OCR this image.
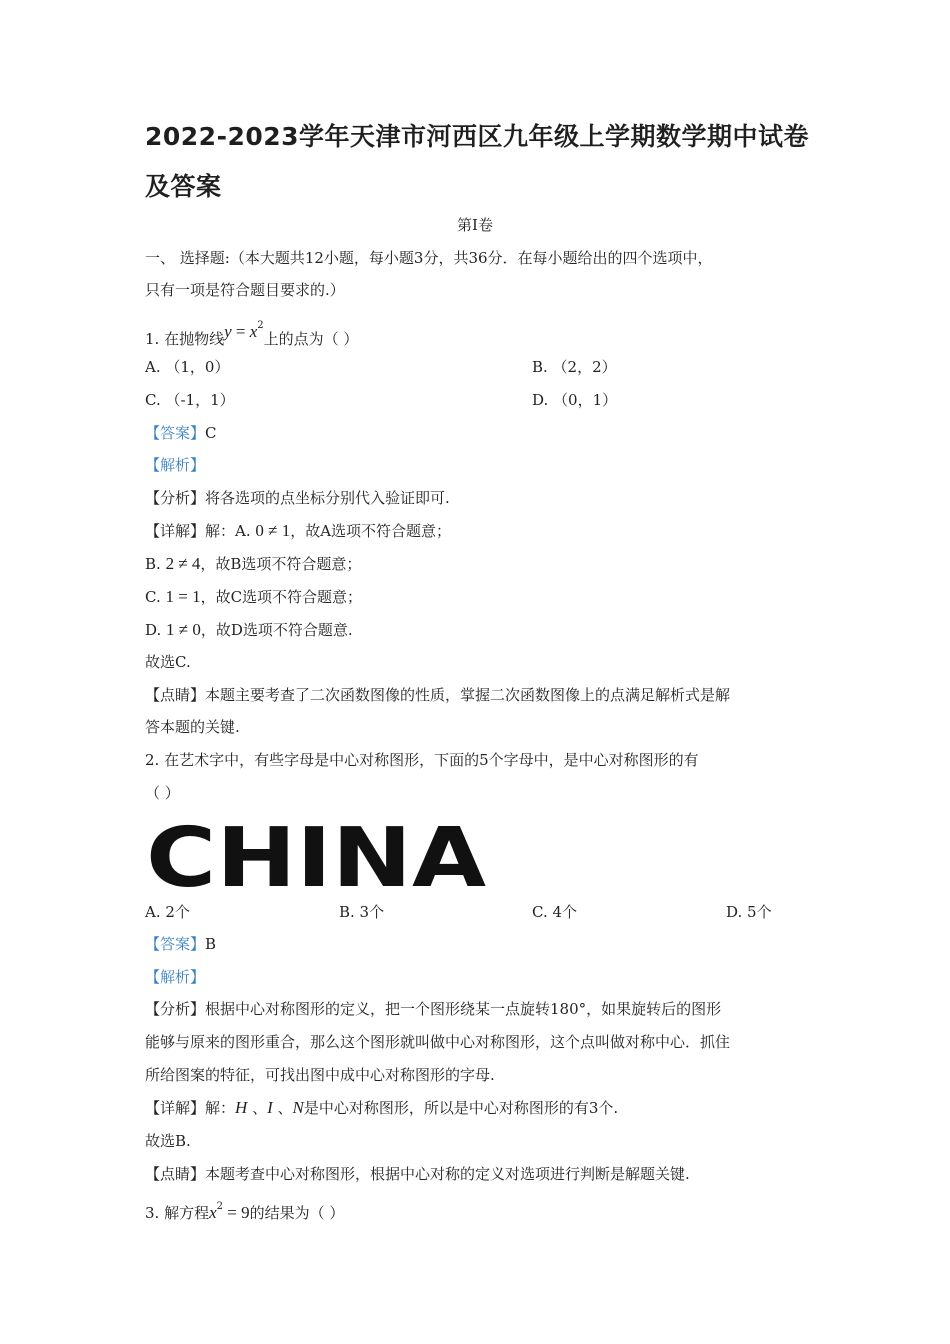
2022-2023学年天津市河西区九年级上学期数学期中试卷及答案
第Ⅰ卷
一、 选择题:（本大题共12小题，每小题3分，共36分．在每小题给出的四个选项中，
只有一项是符合题目要求的.）
1. 在抛物线$y = x^2$上的点为（ ）
A. （1，0）	B. （2，2）
C. （-1，1）	D. （0，1）
【答案】C
【解析】
【分析】将各选项的点坐标分别代入验证即可.
【详解】解：A. 0 ≠ 1，故A选项不符合题意；
B. 2 ≠ 4，故B选项不符合题意；
C. 1 = 1，故C选项不符合题意；
D. 1 ≠ 0，故D选项不符合题意.
故选C.
【点睛】本题主要考查了二次函数图像的性质，掌握二次函数图像上的点满足解析式是解
答本题的关键.
2. 在艺术字中，有些字母是中心对称图形，下面的5个字母中，是中心对称图形的有
（ ）
CHINA
A. 2个	B. 3个	C. 4个	D. 5个
【答案】B
【解析】
【分析】根据中心对称图形的定义，把一个图形绕某一点旋转180°，如果旋转后的图形
能够与原来的图形重合，那么这个图形就叫做中心对称图形，这个点叫做对称中心．抓住
所给图案的特征，可找出图中成中心对称图形的字母.
【详解】解：H 、I 、N是中心对称图形，所以是中心对称图形的有3个.
故选B.
【点睛】本题考查中心对称图形，根据中心对称的定义对选项进行判断是解题关键.
3. 解方程$x^2 = 9$的结果为（ ）
